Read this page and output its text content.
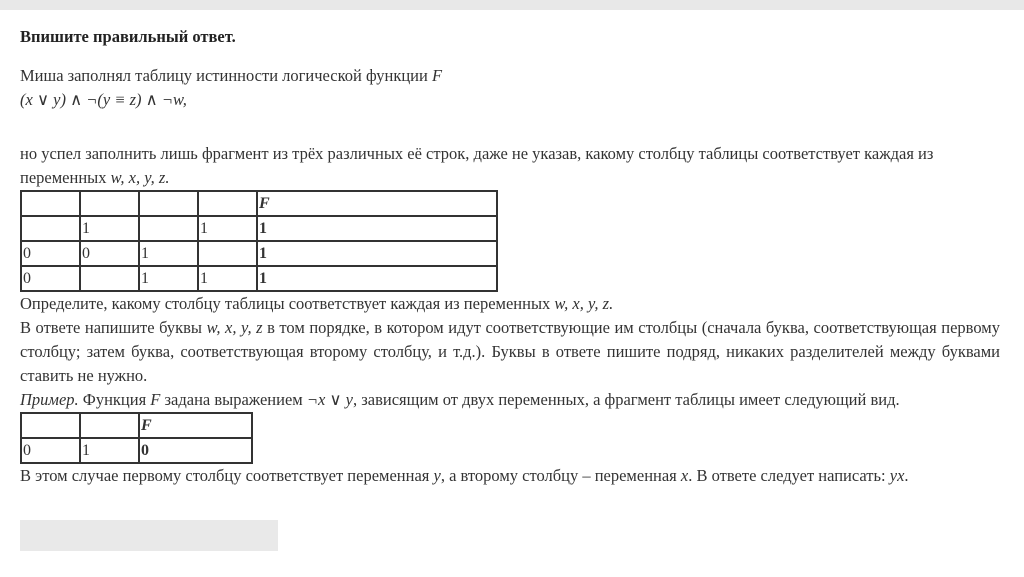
Впишите правильный ответ.

Миша заполнял таблицу истинности логической функции F

(x ∨ y) ∧ ¬(y ≡ z) ∧ ¬w,

но успел заполнить лишь фрагмент из трёх различных её строк, даже не указав, какому столбцу таблицы соответствует каждая из переменных w, x, y, z.

				F
	1		1	1
0	0	1		1
0		1	1	1

Определите, какому столбцу таблицы соответствует каждая из переменных w, x, y, z.

В ответе напишите буквы w, x, y, z в том порядке, в котором идут соответствующие им столбцы (сначала буква, соответствующая первому столбцу; затем буква, соответствующая второму столбцу, и т.д.). Буквы в ответе пишите подряд, никаких разделителей между буквами ставить не нужно.

Пример. Функция F задана выражением ¬x ∨ y, зависящим от двух переменных, а фрагмент таблицы имеет следующий вид.

		F
0	1	0

В этом случае первому столбцу соответствует переменная y, а второму столбцу – переменная x. В ответе следует написать: yx.
